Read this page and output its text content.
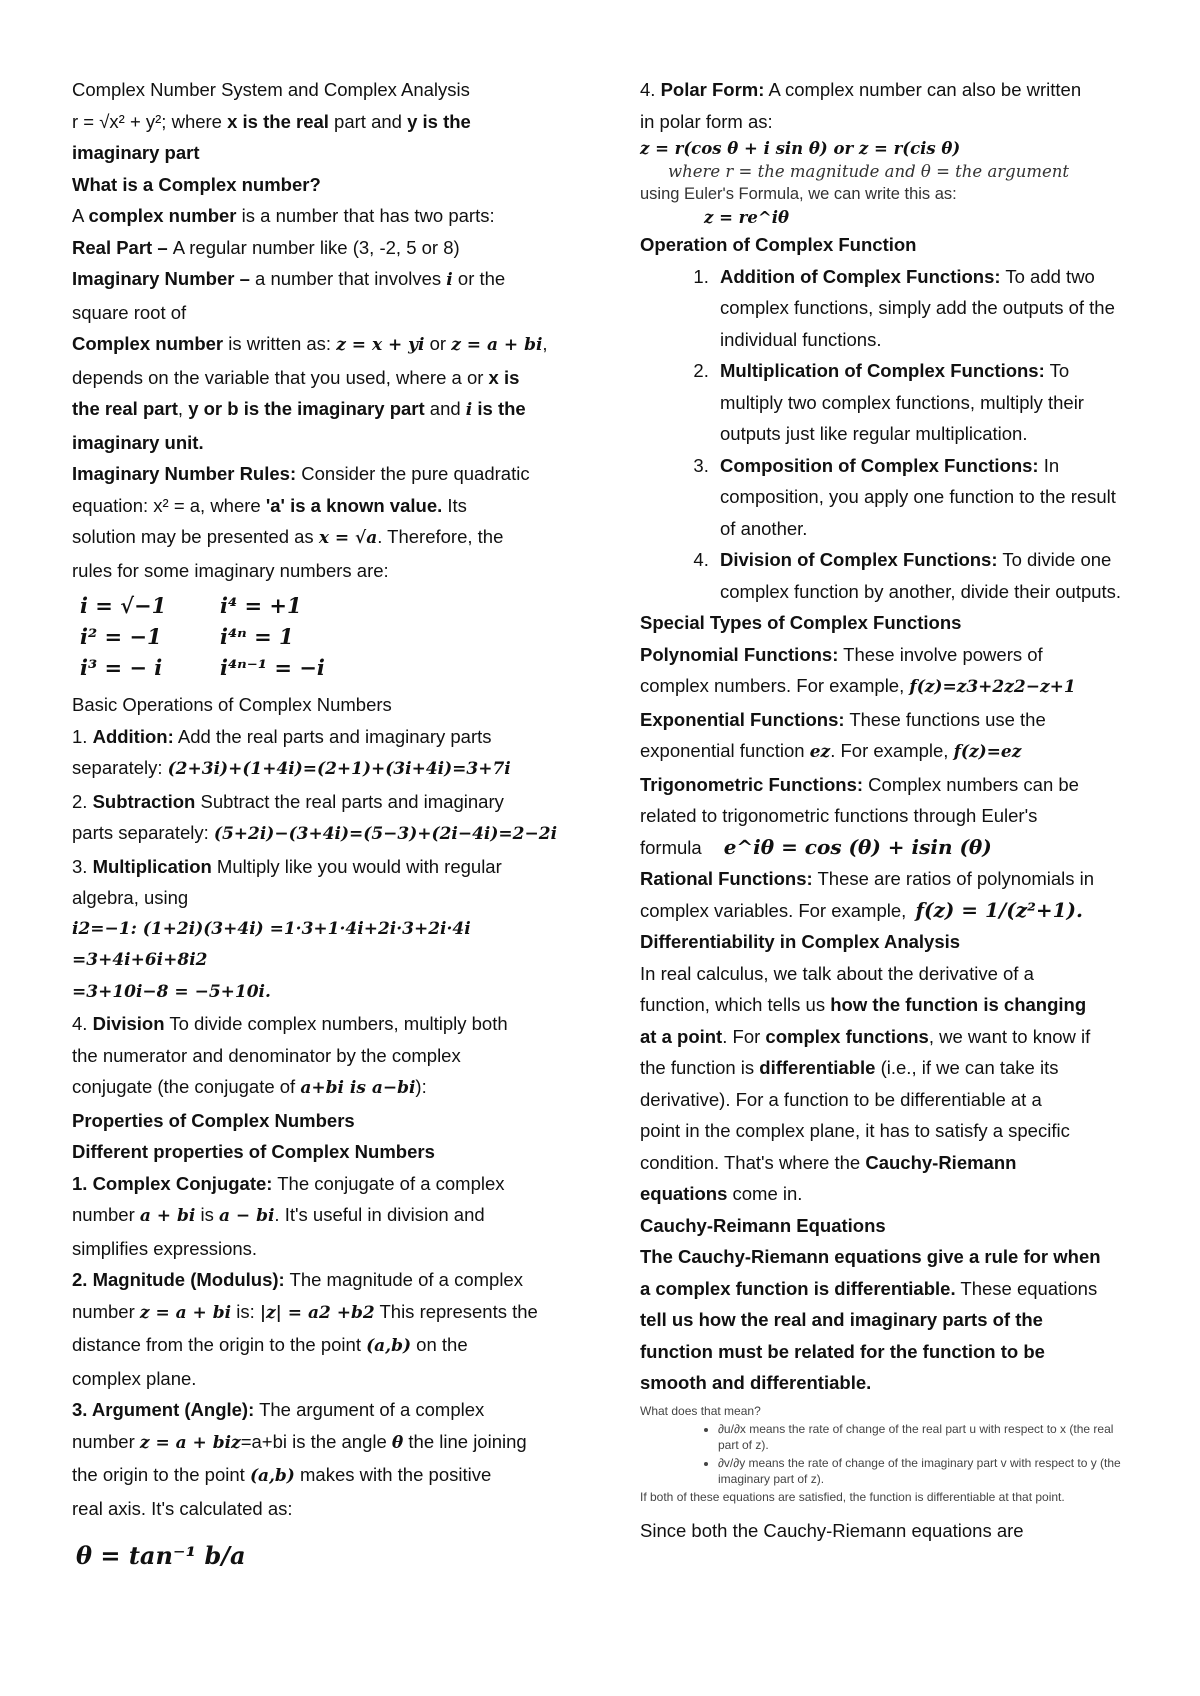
Complex Number System and Complex Analysis

r = √x² + y²; where x is the real part and y is the

imaginary part

What is a Complex number?

A complex number is a number that has two parts:

Real Part – A regular number like (3, -2, 5 or 8)

Imaginary Number – a number that involves i or the

square root of

Complex number is written as: z = x + yi or z = a + bi,

depends on the variable that you used, where a or x is

the real part, y or b is the imaginary part and i is the

imaginary unit.

Imaginary Number Rules: Consider the pure quadratic

equation: x² = a, where 'a' is a known value. Its

solution may be presented as x = √a. Therefore, the

rules for some imaginary numbers are:

i = √−1	i⁴ = +1
i² = −1	i⁴ⁿ = 1
i³ = − i	i⁴ⁿ⁻¹ = −i

Basic Operations of Complex Numbers

1. Addition: Add the real parts and imaginary parts

separately: (2+3i)+(1+4i)=(2+1)+(3i+4i)=3+7i

2. Subtraction Subtract the real parts and imaginary

parts separately: (5+2i)−(3+4i)=(5−3)+(2i−4i)=2−2i

3. Multiplication Multiply like you would with regular

algebra, using

i2=−1: (1+2i)(3+4i) =1·3+1·4i+2i·3+2i·4i =3+4i+6i+8i2

=3+10i−8 = −5+10i.

4. Division To divide complex numbers, multiply both

the numerator and denominator by the complex

conjugate (the conjugate of a+bi is a−bi):

Properties of Complex Numbers

Different properties of Complex Numbers

1. Complex Conjugate: The conjugate of a complex

number a + bi is a − bi. It's useful in division and

simplifies expressions.

2. Magnitude (Modulus): The magnitude of a complex

number z = a + bi is: |z| = a2 +b2 This represents the

distance from the origin to the point (a,b) on the

complex plane.

3. Argument (Angle): The argument of a complex

number z = a + biz=a+bi is the angle θ the line joining

the origin to the point (a,b) makes with the positive

real axis. It's calculated as:

θ = tan⁻¹ b/a

4. Polar Form: A complex number can also be written

in polar form as:

z = r(cos θ + i sin θ) or z = r(cis θ)
where r = the magnitude and θ = the argument
using Euler's Formula, we can write this as:
z = re^iθ

Operation of Complex Function

1. Addition of Complex Functions: To add two complex functions, simply add the outputs of the individual functions.
2. Multiplication of Complex Functions: To multiply two complex functions, multiply their outputs just like regular multiplication.
3. Composition of Complex Functions: In composition, you apply one function to the result of another.
4. Division of Complex Functions: To divide one complex function by another, divide their outputs.

Special Types of Complex Functions

Polynomial Functions: These involve powers of

complex numbers. For example, f(z)=z3+2z2−z+1

Exponential Functions: These functions use the

exponential function ez. For example, f(z)=ez

Trigonometric Functions: Complex numbers can be

related to trigonometric functions through Euler's

formula e^iθ = cos (θ) + isin (θ)

Rational Functions: These are ratios of polynomials in

complex variables. For example, f(z) = 1/(z²+1).

Differentiability in Complex Analysis

In real calculus, we talk about the derivative of a

function, which tells us how the function is changing

at a point. For complex functions, we want to know if

the function is differentiable (i.e., if we can take its

derivative). For a function to be differentiable at a

point in the complex plane, it has to satisfy a specific

condition. That's where the Cauchy-Riemann

equations come in.

Cauchy-Reimann Equations

The Cauchy-Riemann equations give a rule for when

a complex function is differentiable. These equations

tell us how the real and imaginary parts of the

function must be related for the function to be

smooth and differentiable.

What does that mean?
• ∂u/∂x means the rate of change of the real part u with respect to x (the real part of z).
• ∂v/∂y means the rate of change of the imaginary part v with respect to y (the imaginary part of z).
If both of these equations are satisfied, the function is differentiable at that point.

Since both the Cauchy-Riemann equations are
